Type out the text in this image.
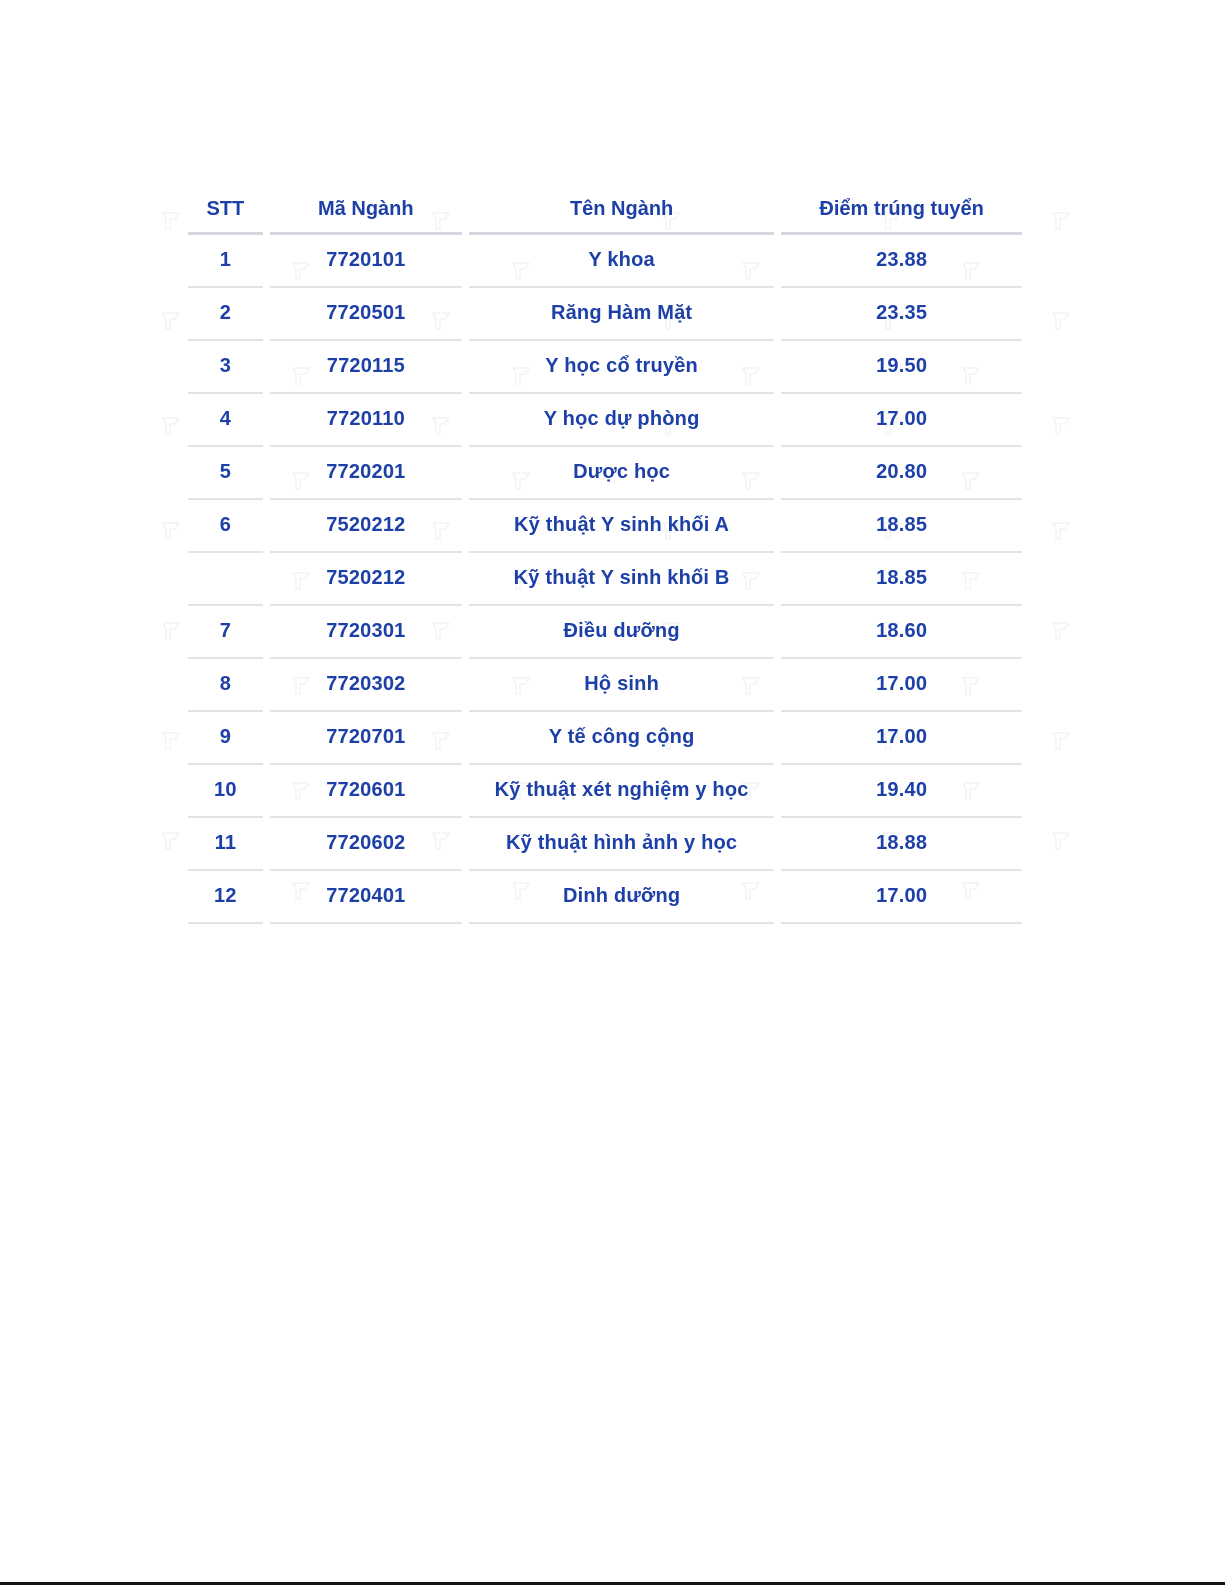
STT	Mã Ngành	Tên Ngành	Điểm trúng tuyển
1	7720101	Y khoa	23.88
2	7720501	Răng Hàm Mặt	23.35
3	7720115	Y học cổ truyền	19.50
4	7720110	Y học dự phòng	17.00
5	7720201	Dược học	20.80
6	7520212	Kỹ thuật Y sinh khối A	18.85
	7520212	Kỹ thuật Y sinh khối B	18.85
7	7720301	Điều dưỡng	18.60
8	7720302	Hộ sinh	17.00
9	7720701	Y tế công cộng	17.00
10	7720601	Kỹ thuật xét nghiệm y học	19.40
11	7720602	Kỹ thuật hình ảnh y học	18.88
12	7720401	Dinh dưỡng	17.00
